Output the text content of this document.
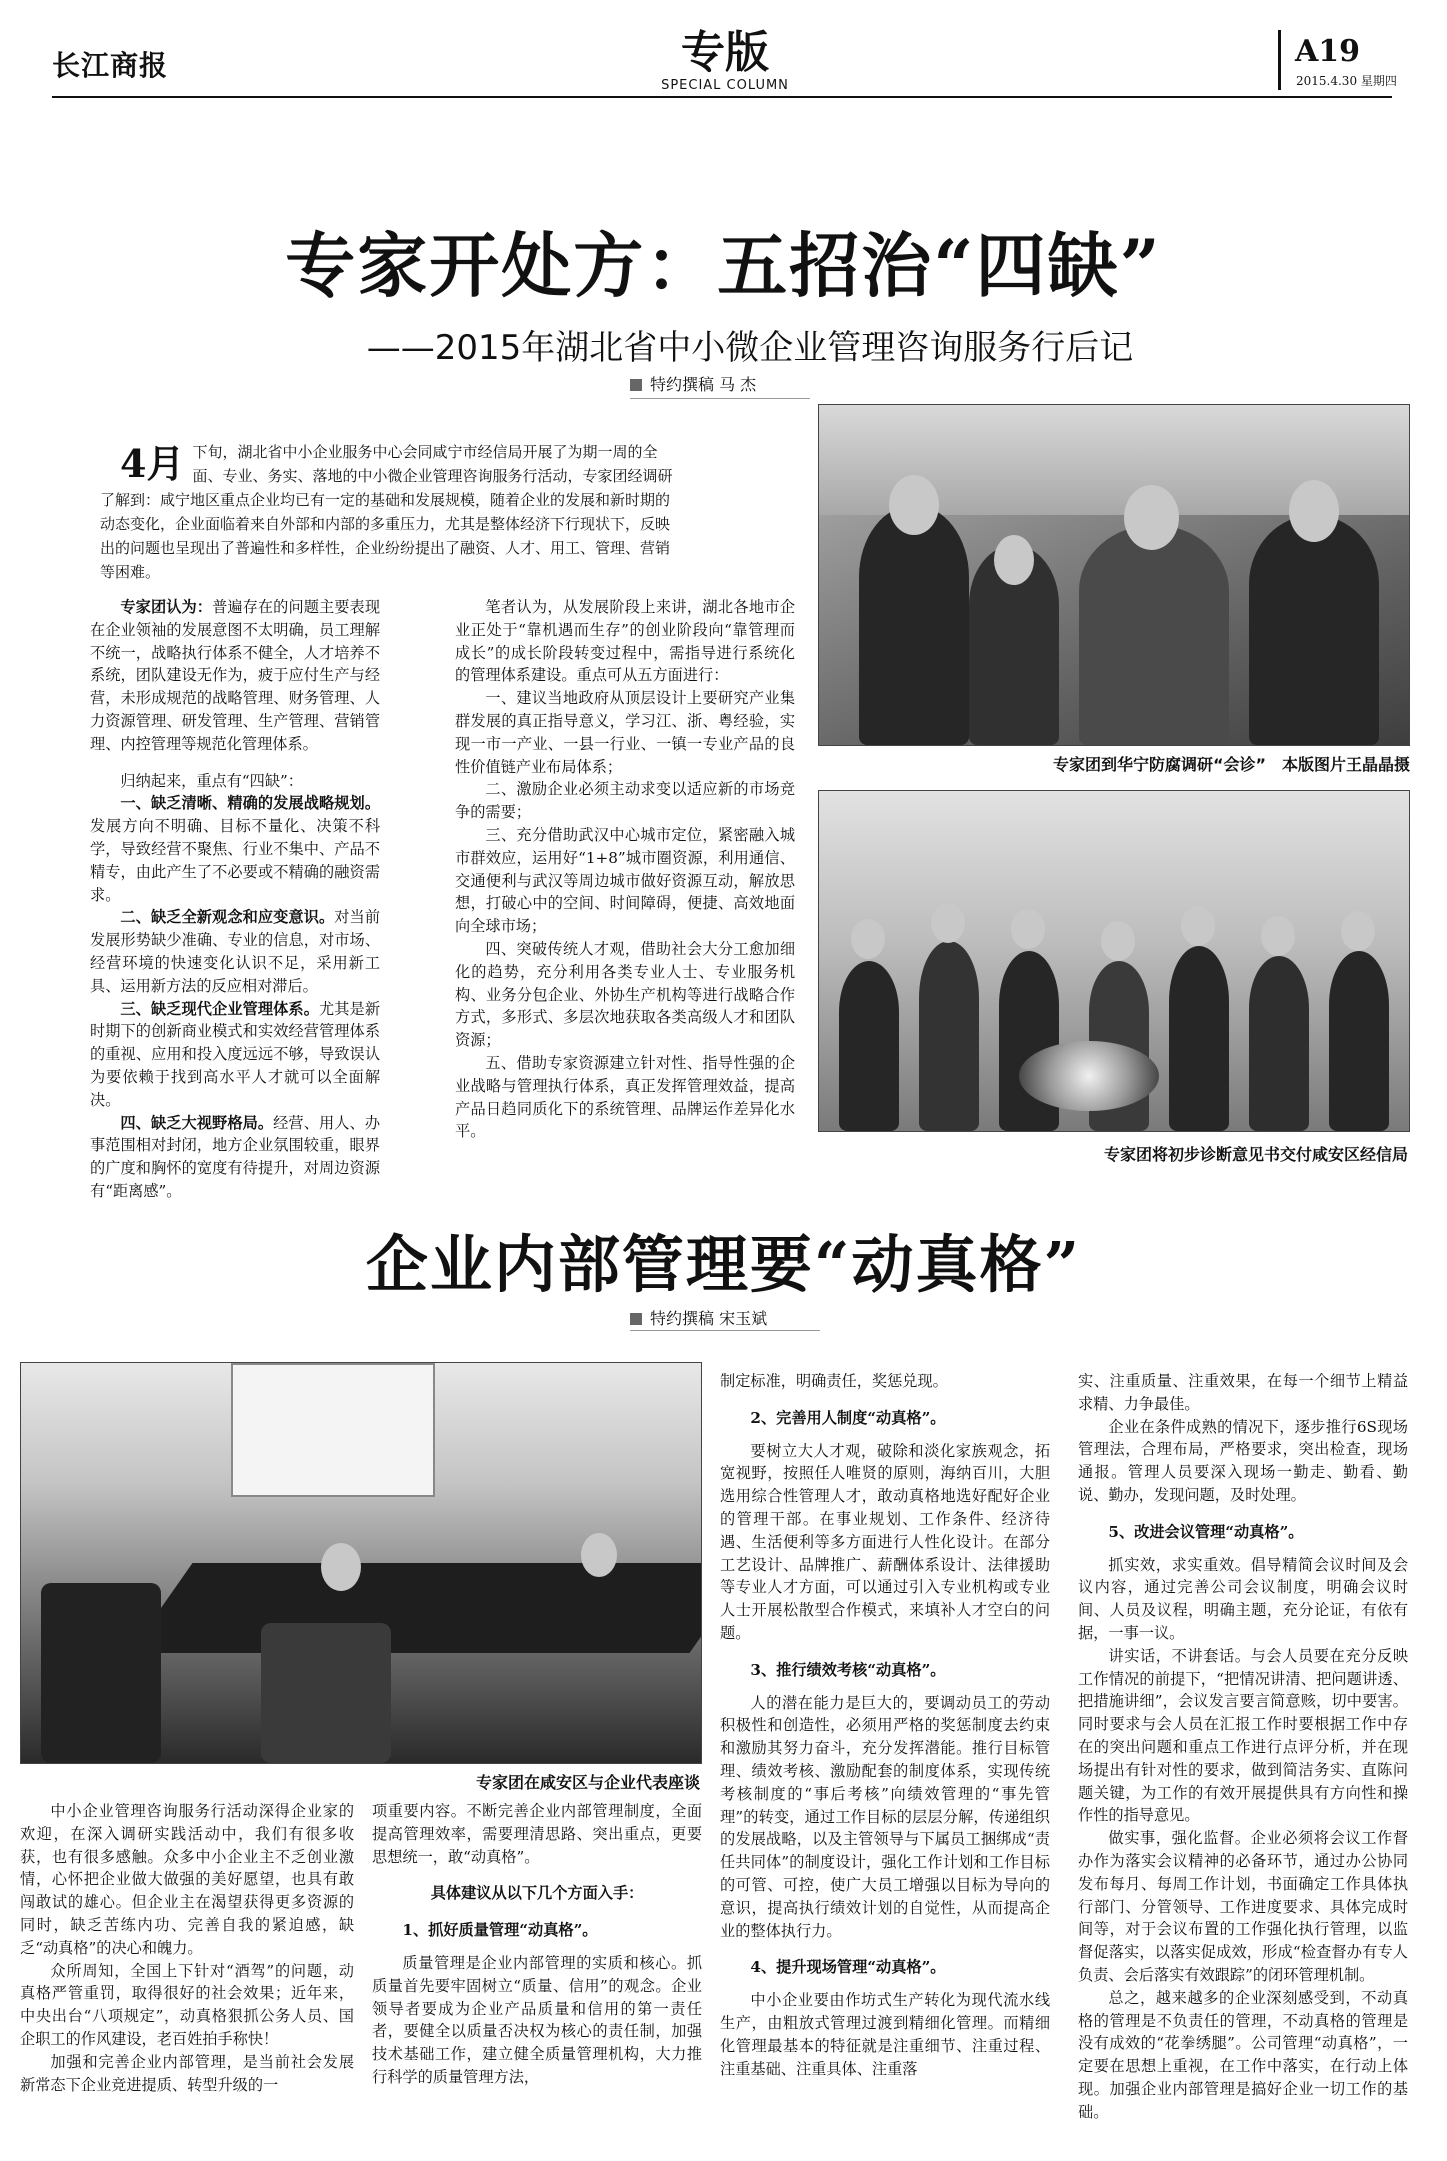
长江商报	专版
SPECIAL COLUMN
A19
2015.4.30 星期四
专家开处方：五招治“四缺”
——2015年湖北省中小微企业管理咨询服务行后记
特约撰稿 马 杰
4月 下旬，湖北省中小企业服务中心会同咸宁市经信局开展了为期一周的全面、专业、务实、落地的中小微企业管理咨询服务行活动，专家团经调研了解到：咸宁地区重点企业均已有一定的基础和发展规模，随着企业的发展和新时期的动态变化，企业面临着来自外部和内部的多重压力，尤其是整体经济下行现状下，反映出的问题也呈现出了普遍性和多样性，企业纷纷提出了融资、人才、用工、管理、营销等困难。

专家团认为：普遍存在的问题主要表现在企业领袖的发展意图不太明确，员工理解不统一，战略执行体系不健全，人才培养不系统，团队建设无作为，疲于应付生产与经营，未形成规范的战略管理、财务管理、人力资源管理、研发管理、生产管理、营销管理、内控管理等规范化管理体系。

归纳起来，重点有“四缺”：

一、缺乏清晰、精确的发展战略规划。发展方向不明确、目标不量化、决策不科学，导致经营不聚焦、行业不集中、产品不精专，由此产生了不必要或不精确的融资需求。

二、缺乏全新观念和应变意识。对当前发展形势缺少准确、专业的信息，对市场、经营环境的快速变化认识不足，采用新工具、运用新方法的反应相对滞后。

三、缺乏现代企业管理体系。尤其是新时期下的创新商业模式和实效经营管理体系的重视、应用和投入度远远不够，导致误认为要依赖于找到高水平人才就可以全面解决。

四、缺乏大视野格局。经营、用人、办事范围相对封闭，地方企业氛围较重，眼界的广度和胸怀的宽度有待提升，对周边资源有“距离感”。

笔者认为，从发展阶段上来讲，湖北各地市企业正处于“靠机遇而生存”的创业阶段向“靠管理而成长”的成长阶段转变过程中，需指导进行系统化的管理体系建设。重点可从五方面进行：

一、建议当地政府从顶层设计上要研究产业集群发展的真正指导意义，学习江、浙、粤经验，实现一市一产业、一县一行业、一镇一专业产品的良性价值链产业布局体系；

二、激励企业必须主动求变以适应新的市场竞争的需要；

三、充分借助武汉中心城市定位，紧密融入城市群效应，运用好“1+8”城市圈资源，利用通信、交通便利与武汉等周边城市做好资源互动，解放思想，打破心中的空间、时间障碍，便捷、高效地面向全球市场；

四、突破传统人才观，借助社会大分工愈加细化的趋势，充分利用各类专业人士、专业服务机构、业务分包企业、外协生产机构等进行战略合作方式，多形式、多层次地获取各类高级人才和团队资源；

五、借助专家资源建立针对性、指导性强的企业战略与管理执行体系，真正发挥管理效益，提高产品日趋同质化下的系统管理、品牌运作差异化水平。

专家团到华宁防腐调研“会诊”　本版图片王晶晶摄
专家团将初步诊断意见书交付咸安区经信局
企业内部管理要“动真格”
特约撰稿 宋玉斌
专家团在咸安区与企业代表座谈

中小企业管理咨询服务行活动深得企业家的欢迎，在深入调研实践活动中，我们有很多收获，也有很多感触。众多中小企业主不乏创业激情，心怀把企业做大做强的美好愿望，也具有敢闯敢试的雄心。但企业主在渴望获得更多资源的同时，缺乏苦练内功、完善自我的紧迫感，缺乏“动真格”的决心和魄力。

众所周知，全国上下针对“酒驾”的问题，动真格严管重罚，取得很好的社会效果；近年来，中央出台“八项规定”，动真格狠抓公务人员、国企职工的作风建设，老百姓拍手称快！

加强和完善企业内部管理，是当前社会发展新常态下企业竞进提质、转型升级的一

项重要内容。不断完善企业内部管理制度，全面提高管理效率，需要理清思路、突出重点，更要思想统一，敢“动真格”。

具体建议从以下几个方面入手：

1、抓好质量管理“动真格”。

质量管理是企业内部管理的实质和核心。抓质量首先要牢固树立“质量、信用”的观念。企业领导者要成为企业产品质量和信用的第一责任者，要健全以质量否决权为核心的责任制，加强技术基础工作，建立健全质量管理机构，大力推行科学的质量管理方法，

制定标准，明确责任，奖惩兑现。

2、完善用人制度“动真格”。

要树立大人才观，破除和淡化家族观念，拓宽视野，按照任人唯贤的原则，海纳百川，大胆选用综合性管理人才，敢动真格地选好配好企业的管理干部。在事业规划、工作条件、经济待遇、生活便利等多方面进行人性化设计。在部分工艺设计、品牌推广、薪酬体系设计、法律援助等专业人才方面，可以通过引入专业机构或专业人士开展松散型合作模式，来填补人才空白的问题。

3、推行绩效考核“动真格”。

人的潜在能力是巨大的，要调动员工的劳动积极性和创造性，必须用严格的奖惩制度去约束和激励其努力奋斗，充分发挥潜能。推行目标管理、绩效考核、激励配套的制度体系，实现传统考核制度的“事后考核”向绩效管理的“事先管理”的转变，通过工作目标的层层分解，传递组织的发展战略，以及主管领导与下属员工捆绑成“责任共同体”的制度设计，强化工作计划和工作目标的可管、可控，使广大员工增强以目标为导向的意识，提高执行绩效计划的自觉性，从而提高企业的整体执行力。

4、提升现场管理“动真格”。

中小企业要由作坊式生产转化为现代流水线生产，由粗放式管理过渡到精细化管理。而精细化管理最基本的特征就是注重细节、注重过程、注重基础、注重具体、注重落

实、注重质量、注重效果，在每一个细节上精益求精、力争最佳。

企业在条件成熟的情况下，逐步推行6S现场管理法，合理布局，严格要求，突出检查，现场通报。管理人员要深入现场一勤走、勤看、勤说、勤办，发现问题，及时处理。

5、改进会议管理“动真格”。

抓实效，求实重效。倡导精简会议时间及会议内容，通过完善公司会议制度，明确会议时间、人员及议程，明确主题，充分论证，有依有据，一事一议。

讲实话，不讲套话。与会人员要在充分反映工作情况的前提下，“把情况讲清、把问题讲透、把措施讲细”，会议发言要言简意赅，切中要害。同时要求与会人员在汇报工作时要根据工作中存在的突出问题和重点工作进行点评分析，并在现场提出有针对性的要求，做到简洁务实、直陈问题关键，为工作的有效开展提供具有方向性和操作性的指导意见。

做实事，强化监督。企业必须将会议工作督办作为落实会议精神的必备环节，通过办公协同发布每月、每周工作计划，书面确定工作具体执行部门、分管领导、工作进度要求、具体完成时间等，对于会议布置的工作强化执行管理，以监督促落实，以落实促成效，形成“检查督办有专人负责、会后落实有效跟踪”的闭环管理机制。

总之，越来越多的企业深刻感受到，不动真格的管理是不负责任的管理，不动真格的管理是没有成效的“花拳绣腿”。公司管理“动真格”，一定要在思想上重视，在工作中落实，在行动上体现。加强企业内部管理是搞好企业一切工作的基础。
